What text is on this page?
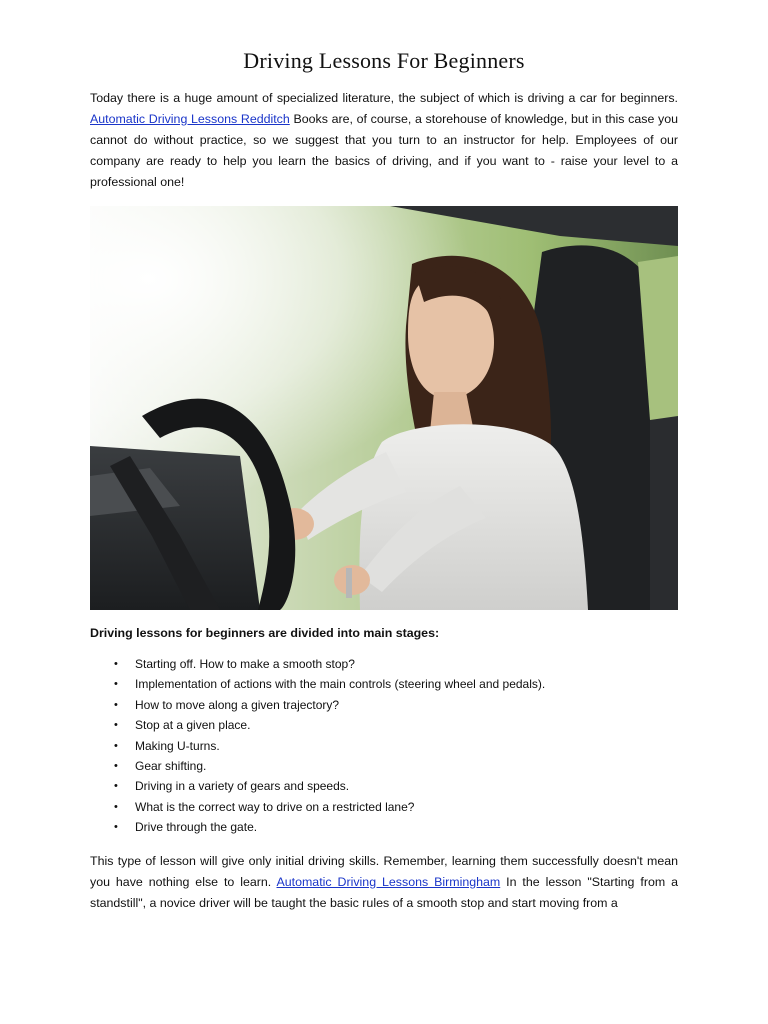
Driving Lessons For Beginners

Today there is a huge amount of specialized literature, the subject of which is driving a car for beginners. Automatic Driving Lessons Redditch Books are, of course, a storehouse of knowledge, but in this case you cannot do without practice, so we suggest that you turn to an instructor for help. Employees of our company are ready to help you learn the basics of driving, and if you want to - raise your level to a professional one!

Driving lessons for beginners are divided into main stages:

• Starting off. How to make a smooth stop?
• Implementation of actions with the main controls (steering wheel and pedals).
• How to move along a given trajectory?
• Stop at a given place.
• Making U-turns.
• Gear shifting.
• Driving in a variety of gears and speeds.
• What is the correct way to drive on a restricted lane?
• Drive through the gate.

This type of lesson will give only initial driving skills. Remember, learning them successfully doesn't mean you have nothing else to learn. Automatic Driving Lessons Birmingham In the lesson "Starting from a standstill", a novice driver will be taught the basic rules of a smooth stop and start moving from a
